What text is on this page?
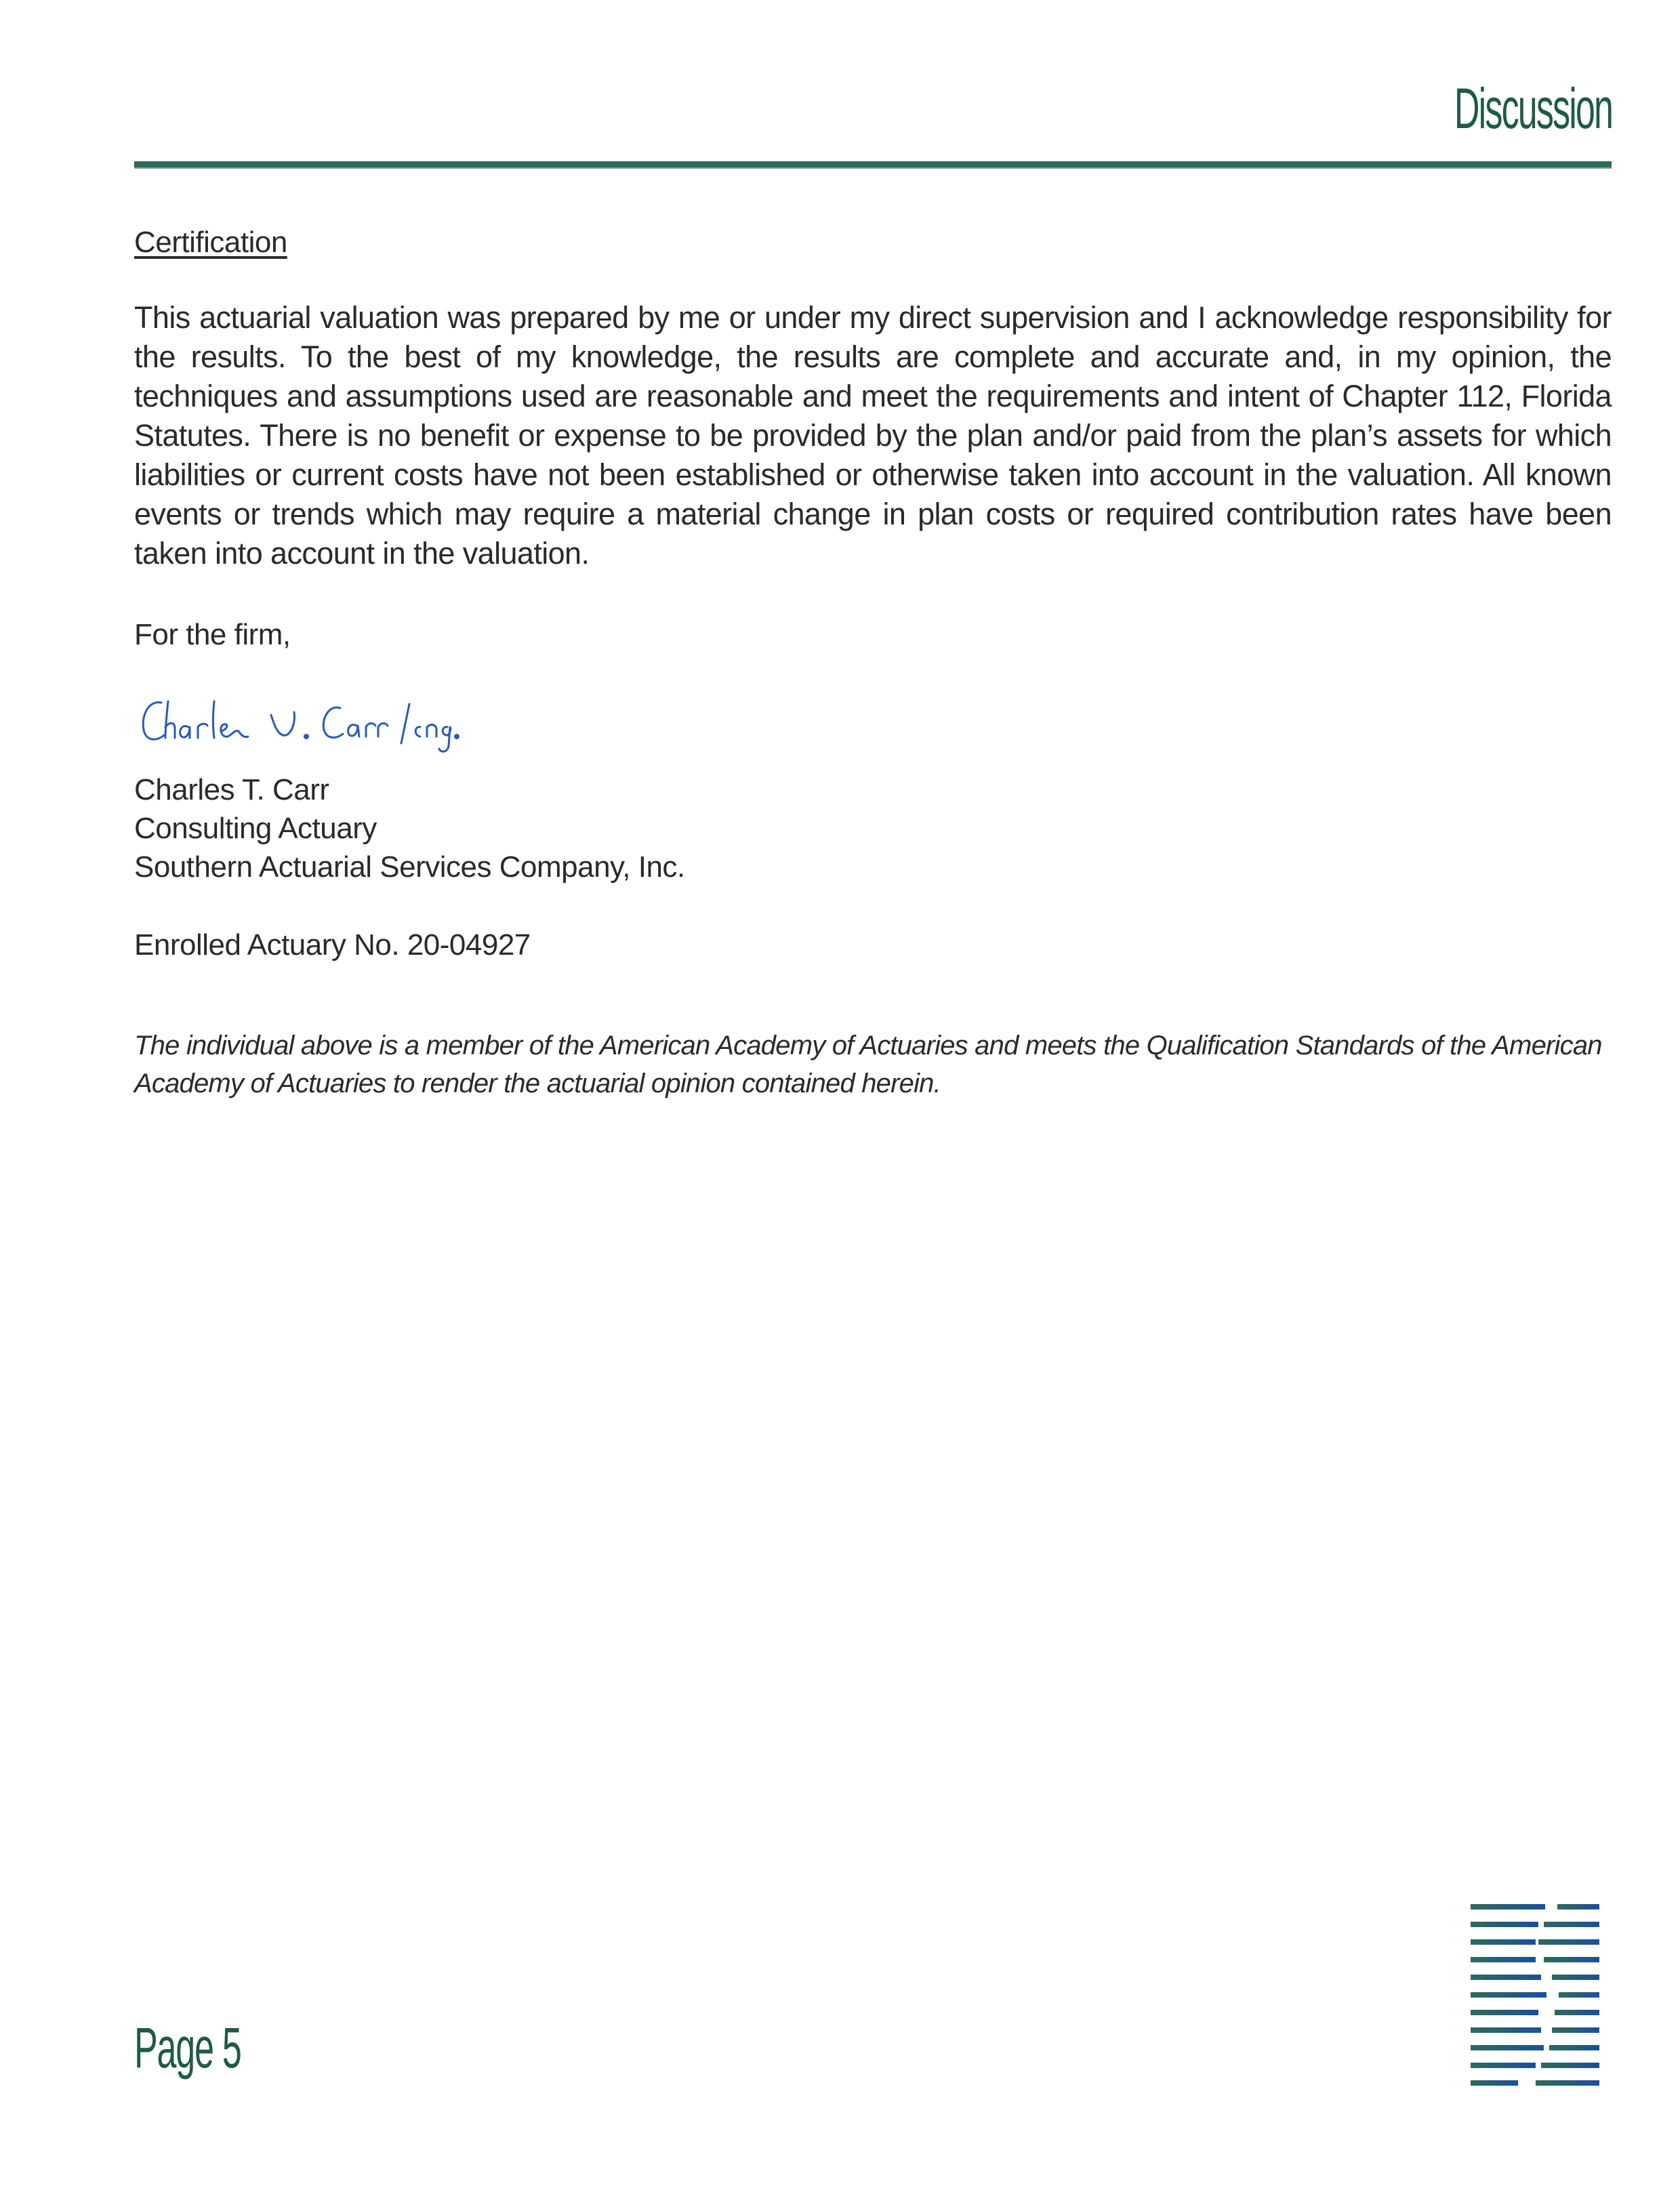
Discussion
Certification
This actuarial valuation was prepared by me or under my direct supervision and I acknowledge responsibility for the results. To the best of my knowledge, the results are complete and accurate and, in my opinion, the techniques and assumptions used are reasonable and meet the requirements and intent of Chapter 112, Florida Statutes. There is no benefit or expense to be provided by the plan and/or paid from the plan’s assets for which liabilities or current costs have not been established or otherwise taken into account in the valuation. All known events or trends which may require a material change in plan costs or required contribution rates have been taken into account in the valuation.
For the firm,
Charles T. Carr
Consulting Actuary
Southern Actuarial Services Company, Inc.
Enrolled Actuary No. 20-04927
The individual above is a member of the American Academy of Actuaries and meets the Qualification Standards of the American Academy of Actuaries to render the actuarial opinion contained herein.
Page 5
